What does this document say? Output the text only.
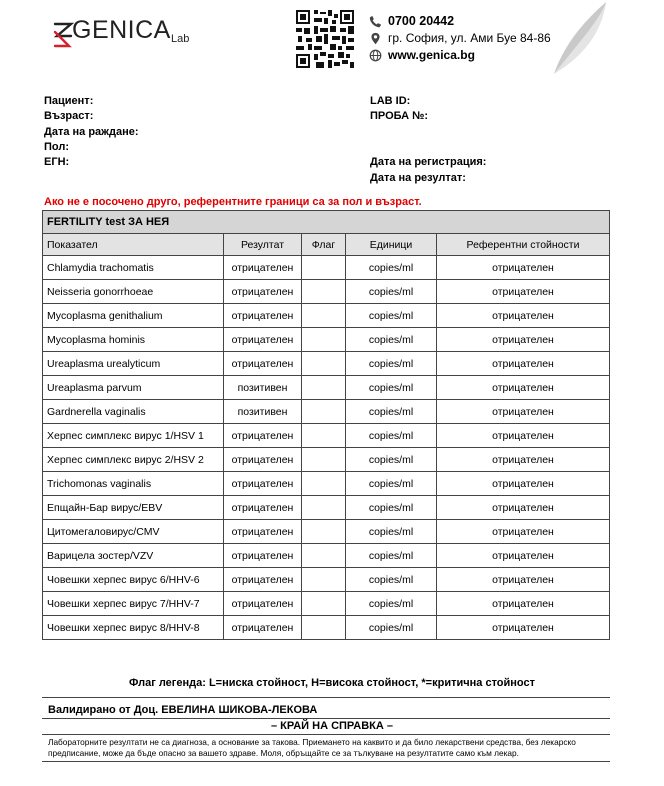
GENICA Lab
0700 20442
гр. София, ул. Ами Буе 84-86
www.genica.bg
Пациент:
Възраст:
Дата на раждане:
Пол:
ЕГН:
LAB ID:
ПРОБА №:
Дата на регистрация:
Дата на резултат:
Ако не е посочено друго, референтните граници са за пол и възраст.
FERTILITY test ЗА НЕЯ				
Показател	Резултат	Флаг	Единици	Референтни стойности
Chlamydia trachomatis	отрицателен		copies/ml	отрицателен
Neisseria gonorrhoeae	отрицателен		copies/ml	отрицателен
Mycoplasma genithalium	отрицателен		copies/ml	отрицателен
Mycoplasma hominis	отрицателен		copies/ml	отрицателен
Ureaplasma urealyticum	отрицателен		copies/ml	отрицателен
Ureaplasma parvum	позитивен		copies/ml	отрицателен
Gardnerella vaginalis	позитивен		copies/ml	отрицателен
Херпес симплекс вирус 1/HSV 1	отрицателен		copies/ml	отрицателен
Херпес симплекс вирус 2/HSV 2	отрицателен		copies/ml	отрицателен
Trichomonas vaginalis	отрицателен		copies/ml	отрицателен
Епщайн-Бар вирус/EBV	отрицателен		copies/ml	отрицателен
Цитомегаловирус/CMV	отрицателен		copies/ml	отрицателен
Варицела зостер/VZV	отрицателен		copies/ml	отрицателен
Човешки херпес вирус 6/HHV-6	отрицателен		copies/ml	отрицателен
Човешки херпес вирус 7/HHV-7	отрицателен		copies/ml	отрицателен
Човешки херпес вирус 8/HHV-8	отрицателен		copies/ml	отрицателен
Флаг легенда: L=ниска стойност, H=висока стойност, *=критична стойност
Валидирано от Доц. ЕВЕЛИНА ШИКОВА-ЛЕКОВА
– КРАЙ НА СПРАВКА –
Лабораторните резултати не са диагноза, а основание за такова. Приемането на каквито и да било лекарствени средства, без лекарско предписание, може да бъде опасно за вашето здраве. Моля, обръщайте се за тълкуване на резултатите само към лекар.
